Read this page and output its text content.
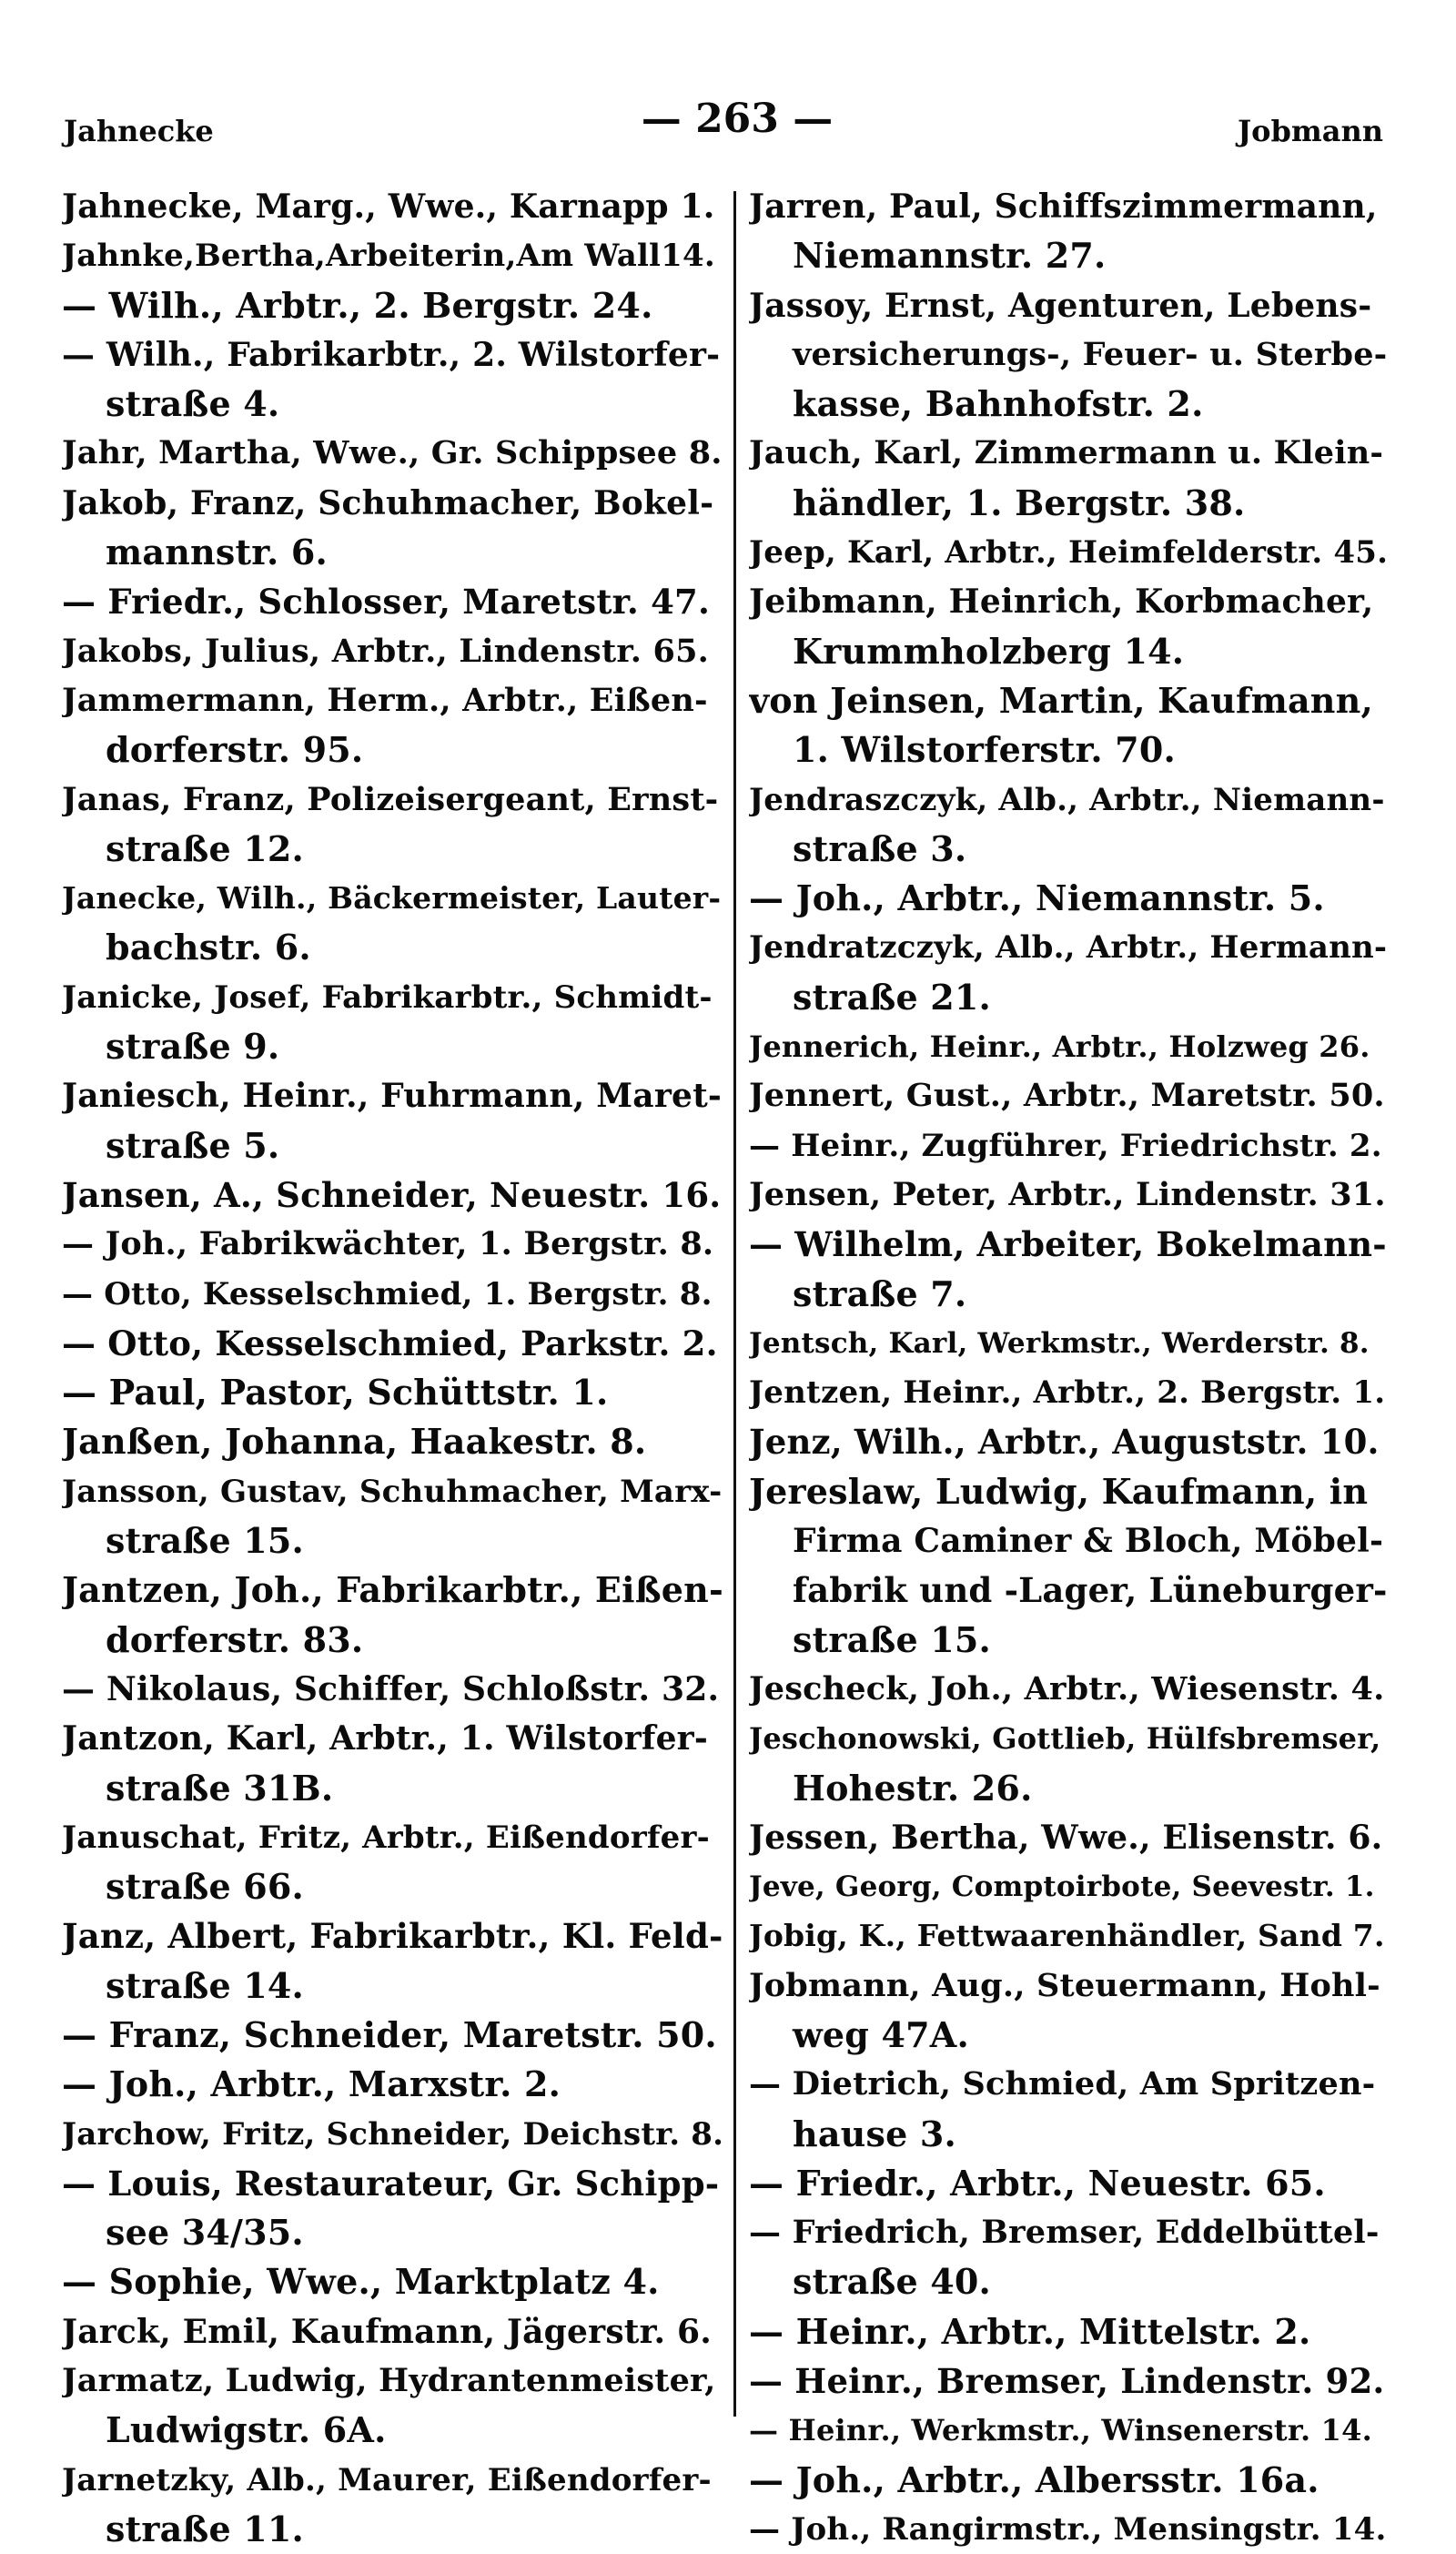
Jahnecke	— 263 —	Jobmann
Jahnecke, Marg., Wwe., Karnapp 1.
Jahnke,Bertha,Arbeiterin,Am Wall14.
— Wilh., Arbtr., 2. Bergstr. 24.
— Wilh., Fabrikarbtr., 2. Wilstorfer-
straße 4.
Jahr, Martha, Wwe., Gr. Schippsee 8.
Jakob, Franz, Schuhmacher, Bokel-
mannstr. 6.
— Friedr., Schlosser, Maretstr. 47.
Jakobs, Julius, Arbtr., Lindenstr. 65.
Jammermann, Herm., Arbtr., Eißen-
dorferstr. 95.
Janas, Franz, Polizeisergeant, Ernst-
straße 12.
Janecke, Wilh., Bäckermeister, Lauter-
bachstr. 6.
Janicke, Josef, Fabrikarbtr., Schmidt-
straße 9.
Janiesch, Heinr., Fuhrmann, Maret-
straße 5.
Jansen, A., Schneider, Neuestr. 16.
— Joh., Fabrikwächter, 1. Bergstr. 8.
— Otto, Kesselschmied, 1. Bergstr. 8.
— Otto, Kesselschmied, Parkstr. 2.
— Paul, Pastor, Schüttstr. 1.
Janßen, Johanna, Haakestr. 8.
Jansson, Gustav, Schuhmacher, Marx-
straße 15.
Jantzen, Joh., Fabrikarbtr., Eißen-
dorferstr. 83.
— Nikolaus, Schiffer, Schloßstr. 32.
Jantzon, Karl, Arbtr., 1. Wilstorfer-
straße 31B.
Januschat, Fritz, Arbtr., Eißendorfer-
straße 66.
Janz, Albert, Fabrikarbtr., Kl. Feld-
straße 14.
— Franz, Schneider, Maretstr. 50.
— Joh., Arbtr., Marxstr. 2.
Jarchow, Fritz, Schneider, Deichstr. 8.
— Louis, Restaurateur, Gr. Schipp-
see 34/35.
— Sophie, Wwe., Marktplatz 4.
Jarck, Emil, Kaufmann, Jägerstr. 6.
Jarmatz, Ludwig, Hydrantenmeister,
Ludwigstr. 6A.
Jarnetzky, Alb., Maurer, Eißendorfer-
straße 11.
Jarren, Paul, Schiffszimmermann,
Niemannstr. 27.
Jassoy, Ernst, Agenturen, Lebens-
versicherungs-, Feuer- u. Sterbe-
kasse, Bahnhofstr. 2.
Jauch, Karl, Zimmermann u. Klein-
händler, 1. Bergstr. 38.
Jeep, Karl, Arbtr., Heimfelderstr. 45.
Jeibmann, Heinrich, Korbmacher,
Krummholzberg 14.
von Jeinsen, Martin, Kaufmann,
1. Wilstorferstr. 70.
Jendraszczyk, Alb., Arbtr., Niemann-
straße 3.
— Joh., Arbtr., Niemannstr. 5.
Jendratzczyk, Alb., Arbtr., Hermann-
straße 21.
Jennerich, Heinr., Arbtr., Holzweg 26.
Jennert, Gust., Arbtr., Maretstr. 50.
— Heinr., Zugführer, Friedrichstr. 2.
Jensen, Peter, Arbtr., Lindenstr. 31.
— Wilhelm, Arbeiter, Bokelmann-
straße 7.
Jentsch, Karl, Werkmstr., Werderstr. 8.
Jentzen, Heinr., Arbtr., 2. Bergstr. 1.
Jenz, Wilh., Arbtr., Auguststr. 10.
Jereslaw, Ludwig, Kaufmann, in
Firma Caminer & Bloch, Möbel-
fabrik und -Lager, Lüneburger-
straße 15.
Jescheck, Joh., Arbtr., Wiesenstr. 4.
Jeschonowski, Gottlieb, Hülfsbremser,
Hohestr. 26.
Jessen, Bertha, Wwe., Elisenstr. 6.
Jeve, Georg, Comptoirbote, Seevestr. 1.
Jobig, K., Fettwaarenhändler, Sand 7.
Jobmann, Aug., Steuermann, Hohl-
weg 47A.
— Dietrich, Schmied, Am Spritzen-
hause 3.
— Friedr., Arbtr., Neuestr. 65.
— Friedrich, Bremser, Eddelbüttel-
straße 40.
— Heinr., Arbtr., Mittelstr. 2.
— Heinr., Bremser, Lindenstr. 92.
— Heinr., Werkmstr., Winsenerstr. 14.
— Joh., Arbtr., Albersstr. 16a.
— Joh., Rangirmstr., Mensingstr. 14.
